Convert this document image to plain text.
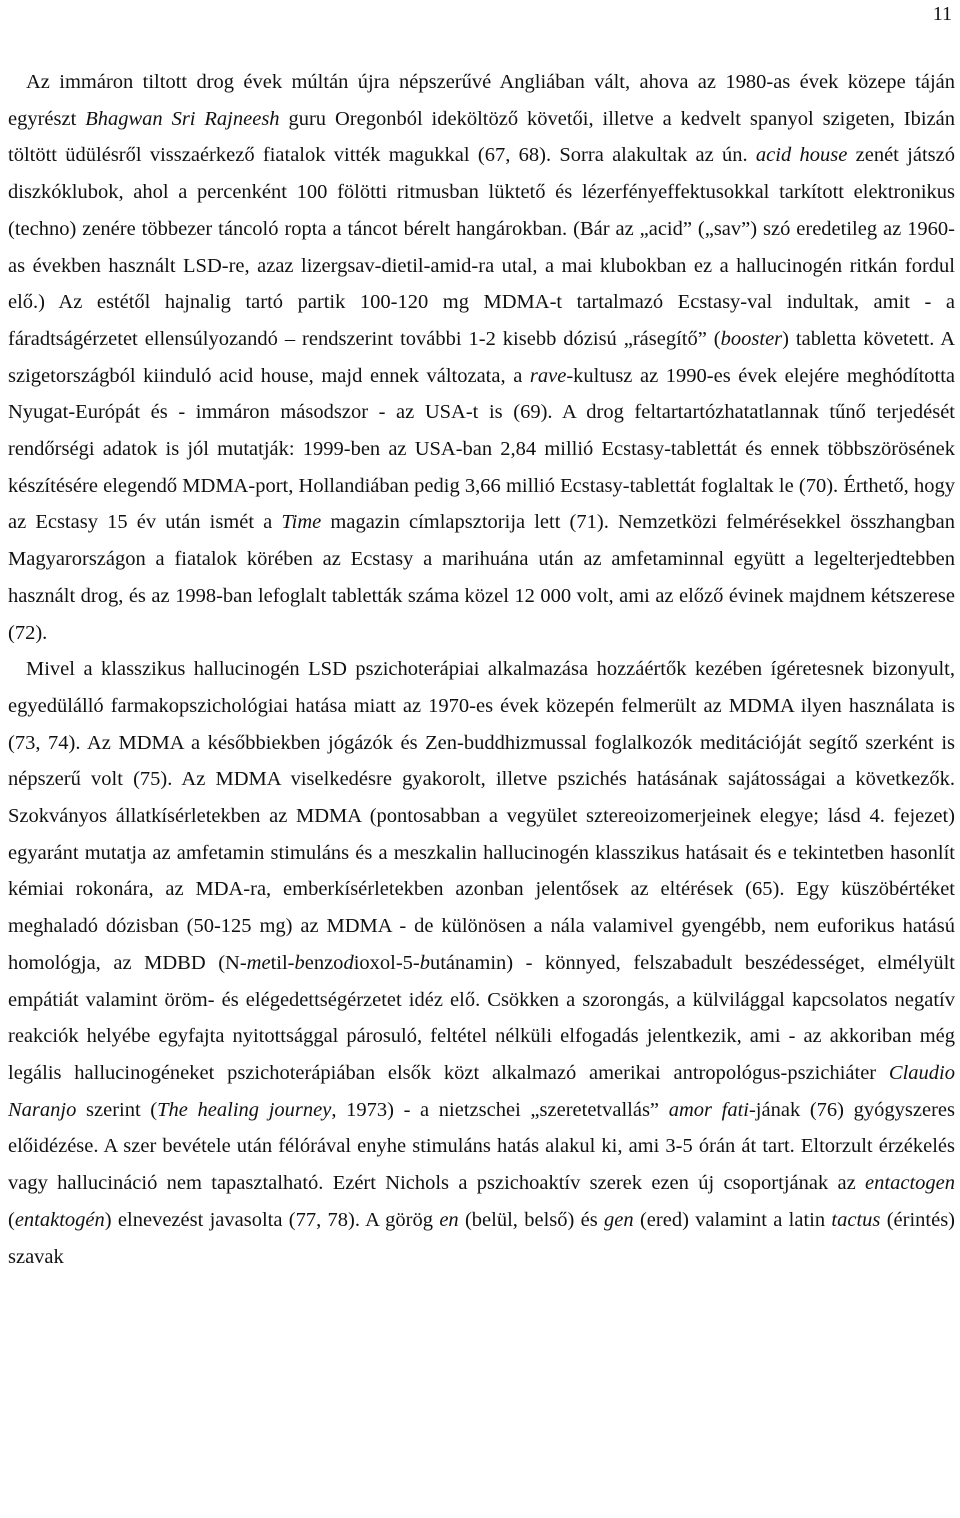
11

Az immáron tiltott drog évek múltán újra népszerűvé Angliában vált, ahova az 1980-as évek közepe táján egyrészt Bhagwan Sri Rajneesh guru Oregonból ideköltöző követői, illetve a kedvelt spanyol szigeten, Ibizán töltött üdülésről visszaérkező fiatalok vitték magukkal (67, 68). Sorra alakultak az ún. acid house zenét játszó diszkóklubok, ahol a percenként 100 fölötti ritmusban lüktető és lézerfényeffektusokkal tarkított elektronikus (techno) zenére többezer táncoló ropta a táncot bérelt hangárokban. (Bár az „acid” („sav”) szó eredetileg az 1960-as években használt LSD-re, azaz lizergsav-dietil-amid-ra utal, a mai klubokban ez a hallucinogén ritkán fordul elő.) Az estétől hajnalig tartó partik 100-120 mg MDMA-t tartalmazó Ecstasy-val indultak, amit - a fáradtságérzetet ellensúlyozandó – rendszerint további 1-2 kisebb dózisú „rásegítő” (booster) tabletta követett. A szigetországból kiinduló acid house, majd ennek változata, a rave-kultusz az 1990-es évek elejére meghódította Nyugat-Európát és - immáron másodszor - az USA-t is (69). A drog feltartartózhatatlannak tűnő terjedését rendőrségi adatok is jól mutatják: 1999-ben az USA-ban 2,84 millió Ecstasy-tablettát és ennek többszörösének készítésére elegendő MDMA-port, Hollandiában pedig 3,66 millió Ecstasy-tablettát foglaltak le (70). Érthető, hogy az Ecstasy 15 év után ismét a Time magazin címlapsztorija lett (71). Nemzetközi felmérésekkel összhangban Magyarországon a fiatalok körében az Ecstasy a marihuána után az amfetaminnal együtt a legelterjedtebben használt drog, és az 1998-ban lefoglalt tabletták száma közel 12 000 volt, ami az előző évinek majdnem kétszerese (72).

Mivel a klasszikus hallucinogén LSD pszichoterápiai alkalmazása hozzáértők kezében ígéretesnek bizonyult, egyedülálló farmakopszichológiai hatása miatt az 1970-es évek közepén felmerült az MDMA ilyen használata is (73, 74). Az MDMA a későbbiekben jógázók és Zen-buddhizmussal foglalkozók meditációját segítő szerként is népszerű volt (75). Az MDMA viselkedésre gyakorolt, illetve pszichés hatásának sajátosságai a következők. Szokványos állatkísérletekben az MDMA (pontosabban a vegyület sztereoizomerjeinek elegye; lásd 4. fejezet) egyaránt mutatja az amfetamin stimuláns és a meszkalin hallucinogén klasszikus hatásait és e tekintetben hasonlít kémiai rokonára, az MDA-ra, emberkísérletekben azonban jelentősek az eltérések (65). Egy küszöbértéket meghaladó dózisban (50-125 mg) az MDMA - de különösen a nála valamivel gyengébb, nem euforikus hatású homológja, az MDBD (N-metil-benzodioxol-5-butánamin) - könnyed, felszabadult beszédességet, elmélyült empátiát valamint öröm- és elégedettségérzetet idéz elő. Csökken a szorongás, a külvilággal kapcsolatos negatív reakciók helyébe egyfajta nyitottsággal párosuló, feltétel nélküli elfogadás jelentkezik, ami - az akkoriban még legális hallucinogéneket pszichoterápiában elsők közt alkalmazó amerikai antropológus-pszichiáter Claudio Naranjo szerint (The healing journey, 1973) - a nietzschei „szeretetvallás” amor fati-jának (76) gyógyszeres előidézése. A szer bevétele után félórával enyhe stimuláns hatás alakul ki, ami 3-5 órán át tart. Eltorzult érzékelés vagy hallucináció nem tapasztalható. Ezért Nichols a pszichoaktív szerek ezen új csoportjának az entactogen (entaktogén) elnevezést javasolta (77, 78). A görög en (belül, belső) és gen (ered) valamint a latin tactus (érintés) szavak
